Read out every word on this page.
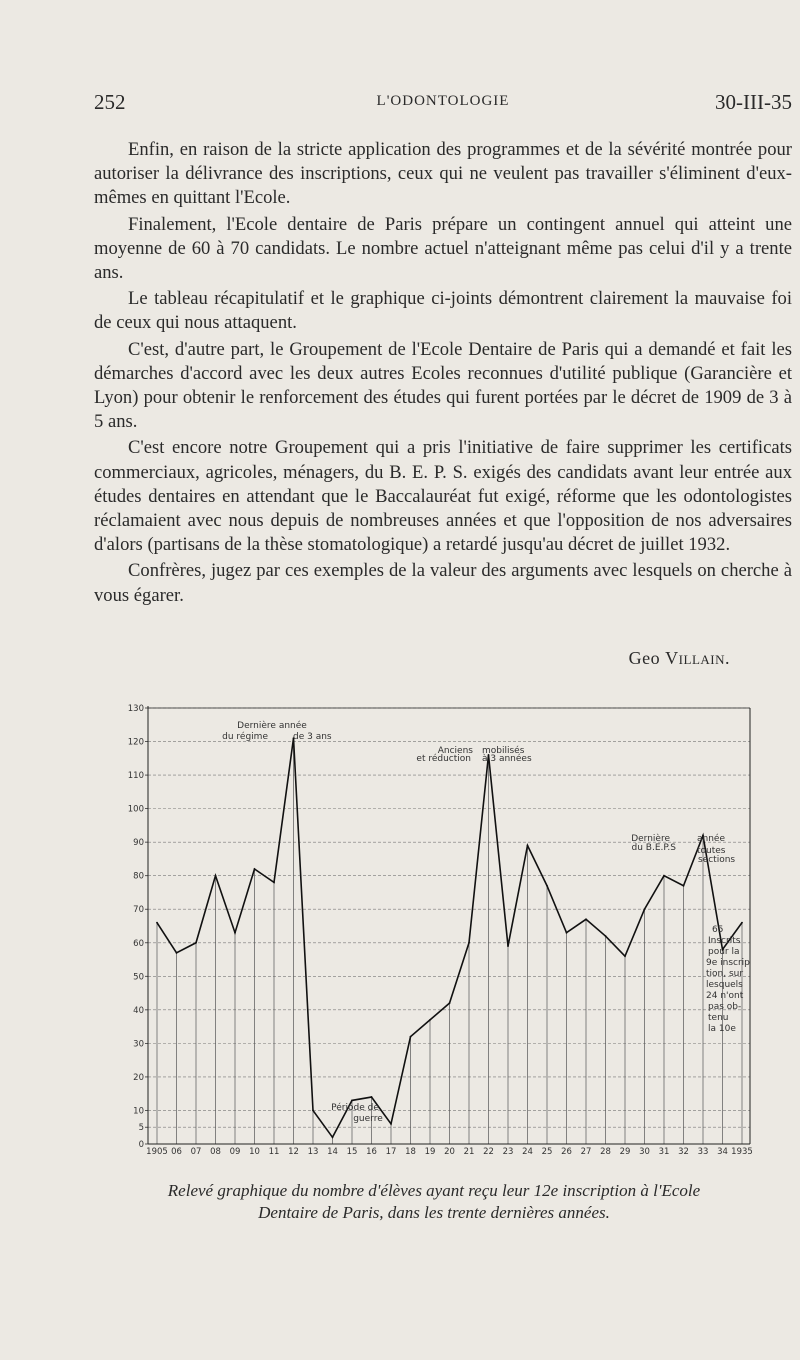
252	L'ODONTOLOGIE	30-III-35

Enfin, en raison de la stricte application des programmes et de la sévérité montrée pour autoriser la délivrance des inscriptions, ceux qui ne veulent pas travailler s'éliminent d'eux-mêmes en quittant l'Ecole.

Finalement, l'Ecole dentaire de Paris prépare un contingent annuel qui atteint une moyenne de 60 à 70 candidats. Le nombre actuel n'atteignant même pas celui d'il y a trente ans.

Le tableau récapitulatif et le graphique ci-joints démontrent clairement la mauvaise foi de ceux qui nous attaquent.

C'est, d'autre part, le Groupement de l'Ecole Dentaire de Paris qui a demandé et fait les démarches d'accord avec les deux autres Ecoles reconnues d'utilité publique (Garancière et Lyon) pour obtenir le renforcement des études qui furent portées par le décret de 1909 de 3 à 5 ans.

C'est encore notre Groupement qui a pris l'initiative de faire supprimer les certificats commerciaux, agricoles, ménagers, du B. E. P. S. exigés des candidats avant leur entrée aux études dentaires en attendant que le Baccalauréat fut exigé, réforme que les odontologistes réclamaient avec nous depuis de nombreuses années et que l'opposition de nos adversaires d'alors (partisans de la thèse stomatologique) a retardé jusqu'au décret de juillet 1932.

Confrères, jugez par ces exemples de la valeur des arguments avec lesquels on cherche à vous égarer.

Geo Villain.
0
5
10
20
30
40
50
60
70
80
90
100
110
120
130
1905 06 07 08 09 10 11 12 13 14 15 16 17 18 19 20 21 22 23 24 25 26 27 28 29 30 31 32 33 34 1935
Dernière année
du régime	de 3 ans
Anciens mobilisés
et réduction à 3 années
Dernière	année
du B.E.P.S toutes
sections
Période de
guerre
65
Inscrits
pour la
9e inscrip
tion, sur
lesquels
24 n'ont
pas ob-
tenu
la 10e
Relevé graphique du nombre d'élèves ayant reçu leur 12e inscription à l'Ecole
Dentaire de Paris, dans les trente dernières années.
